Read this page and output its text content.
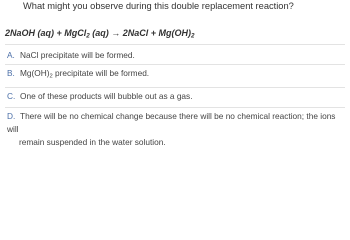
What might you observe during this double replacement reaction?
2NaOH (aq) + MgCl$_2$ (aq) → 2NaCl + $Mg(OH)_2$
A. NaCl precipitate will be formed.
B. $Mg(OH)_2$ precipitate will be formed.
C. One of these products will bubble out as a gas.
D. There will be no chemical change because there will be no chemical reaction; the ions will
remain suspended in the water solution.
